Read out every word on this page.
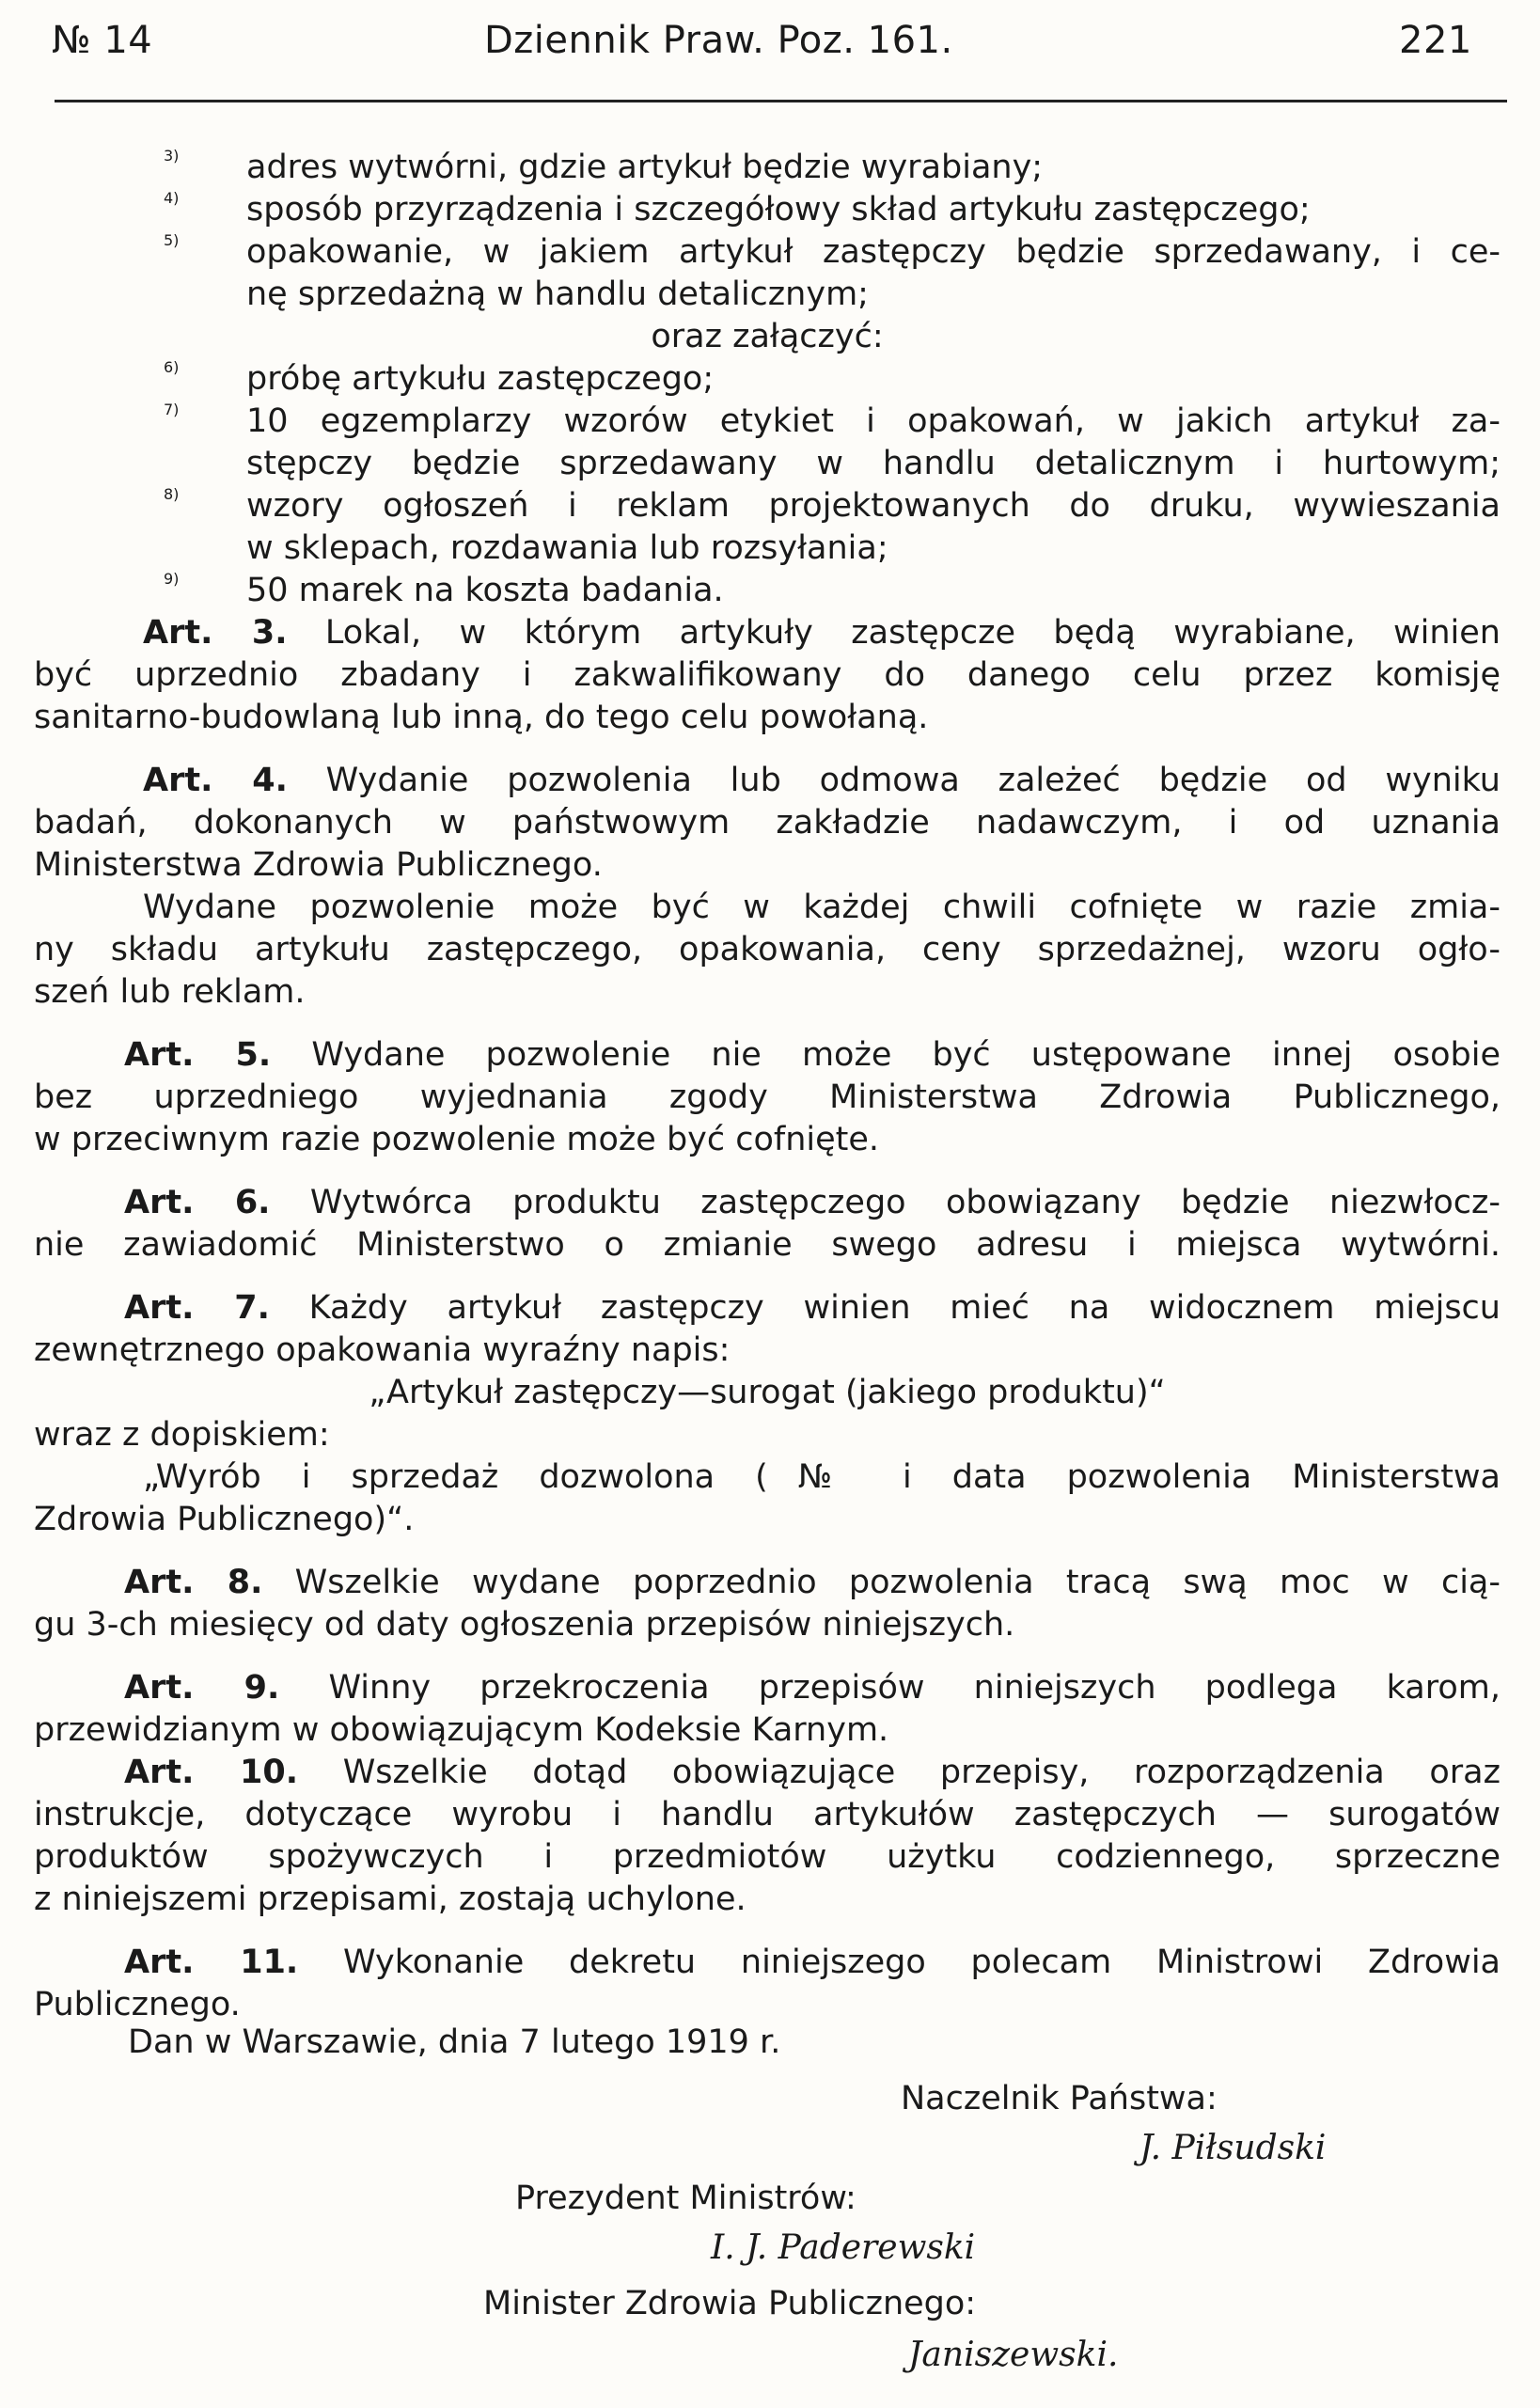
№ 14	Dziennik Praw. Poz. 161.	221
3) adres wytwórni, gdzie artykuł będzie wyrabiany;
4) sposób przyrządzenia i szczegółowy skład artykułu zastępczego;
5) opakowanie, w jakiem artykuł zastępczy będzie sprzedawany, i ce-
nę sprzedażną w handlu detalicznym;
oraz załączyć:
6) próbę artykułu zastępczego;
7) 10 egzemplarzy wzorów etykiet i opakowań, w jakich artykuł za-
stępczy będzie sprzedawany w handlu detalicznym i hurtowym;
8) wzory ogłoszeń i reklam projektowanych do druku, wywieszania
w sklepach, rozdawania lub rozsyłania;
9) 50 marek na koszta badania.
Art. 3. Lokal, w którym artykuły zastępcze będą wyrabiane, winien
być uprzednio zbadany i zakwalifikowany do danego celu przez komisję
sanitarno-budowlaną lub inną, do tego celu powołaną.
Art. 4. Wydanie pozwolenia lub odmowa zależeć będzie od wyniku
badań, dokonanych w państwowym zakładzie nadawczym, i od uznania
Ministerstwa Zdrowia Publicznego.
Wydane pozwolenie może być w każdej chwili cofnięte w razie zmia-
ny składu artykułu zastępczego, opakowania, ceny sprzedażnej, wzoru ogło-
szeń lub reklam.
Art. 5. Wydane pozwolenie nie może być ustępowane innej osobie
bez uprzedniego wyjednania zgody Ministerstwa Zdrowia Publicznego,
w przeciwnym razie pozwolenie może być cofnięte.
Art. 6. Wytwórca produktu zastępczego obowiązany będzie niezwłocz-
nie zawiadomić Ministerstwo o zmianie swego adresu i miejsca wytwórni.
Art. 7. Każdy artykuł zastępczy winien mieć na widocznem miejscu
zewnętrznego opakowania wyraźny napis:
„Artykuł zastępczy—surogat (jakiego produktu)“
wraz z dopiskiem:
„Wyrób i sprzedaż dozwolona (№ i data pozwolenia Ministerstwa
Zdrowia Publicznego)“.
Art. 8. Wszelkie wydane poprzednio pozwolenia tracą swą moc w cią-
gu 3-ch miesięcy od daty ogłoszenia przepisów niniejszych.
Art. 9. Winny przekroczenia przepisów niniejszych podlega karom,
przewidzianym w obowiązującym Kodeksie Karnym.
Art. 10. Wszelkie dotąd obowiązujące przepisy, rozporządzenia oraz
instrukcje, dotyczące wyrobu i handlu artykułów zastępczych — surogatów
produktów spożywczych i przedmiotów użytku codziennego, sprzeczne
z niniejszemi przepisami, zostają uchylone.
Art. 11. Wykonanie dekretu niniejszego polecam Ministrowi Zdrowia
Publicznego.
Dan w Warszawie, dnia 7 lutego 1919 r.
Naczelnik Państwa:
J. Piłsudski
Prezydent Ministrów:
I. J. Paderewski
Minister Zdrowia Publicznego:
Janiszewski.
